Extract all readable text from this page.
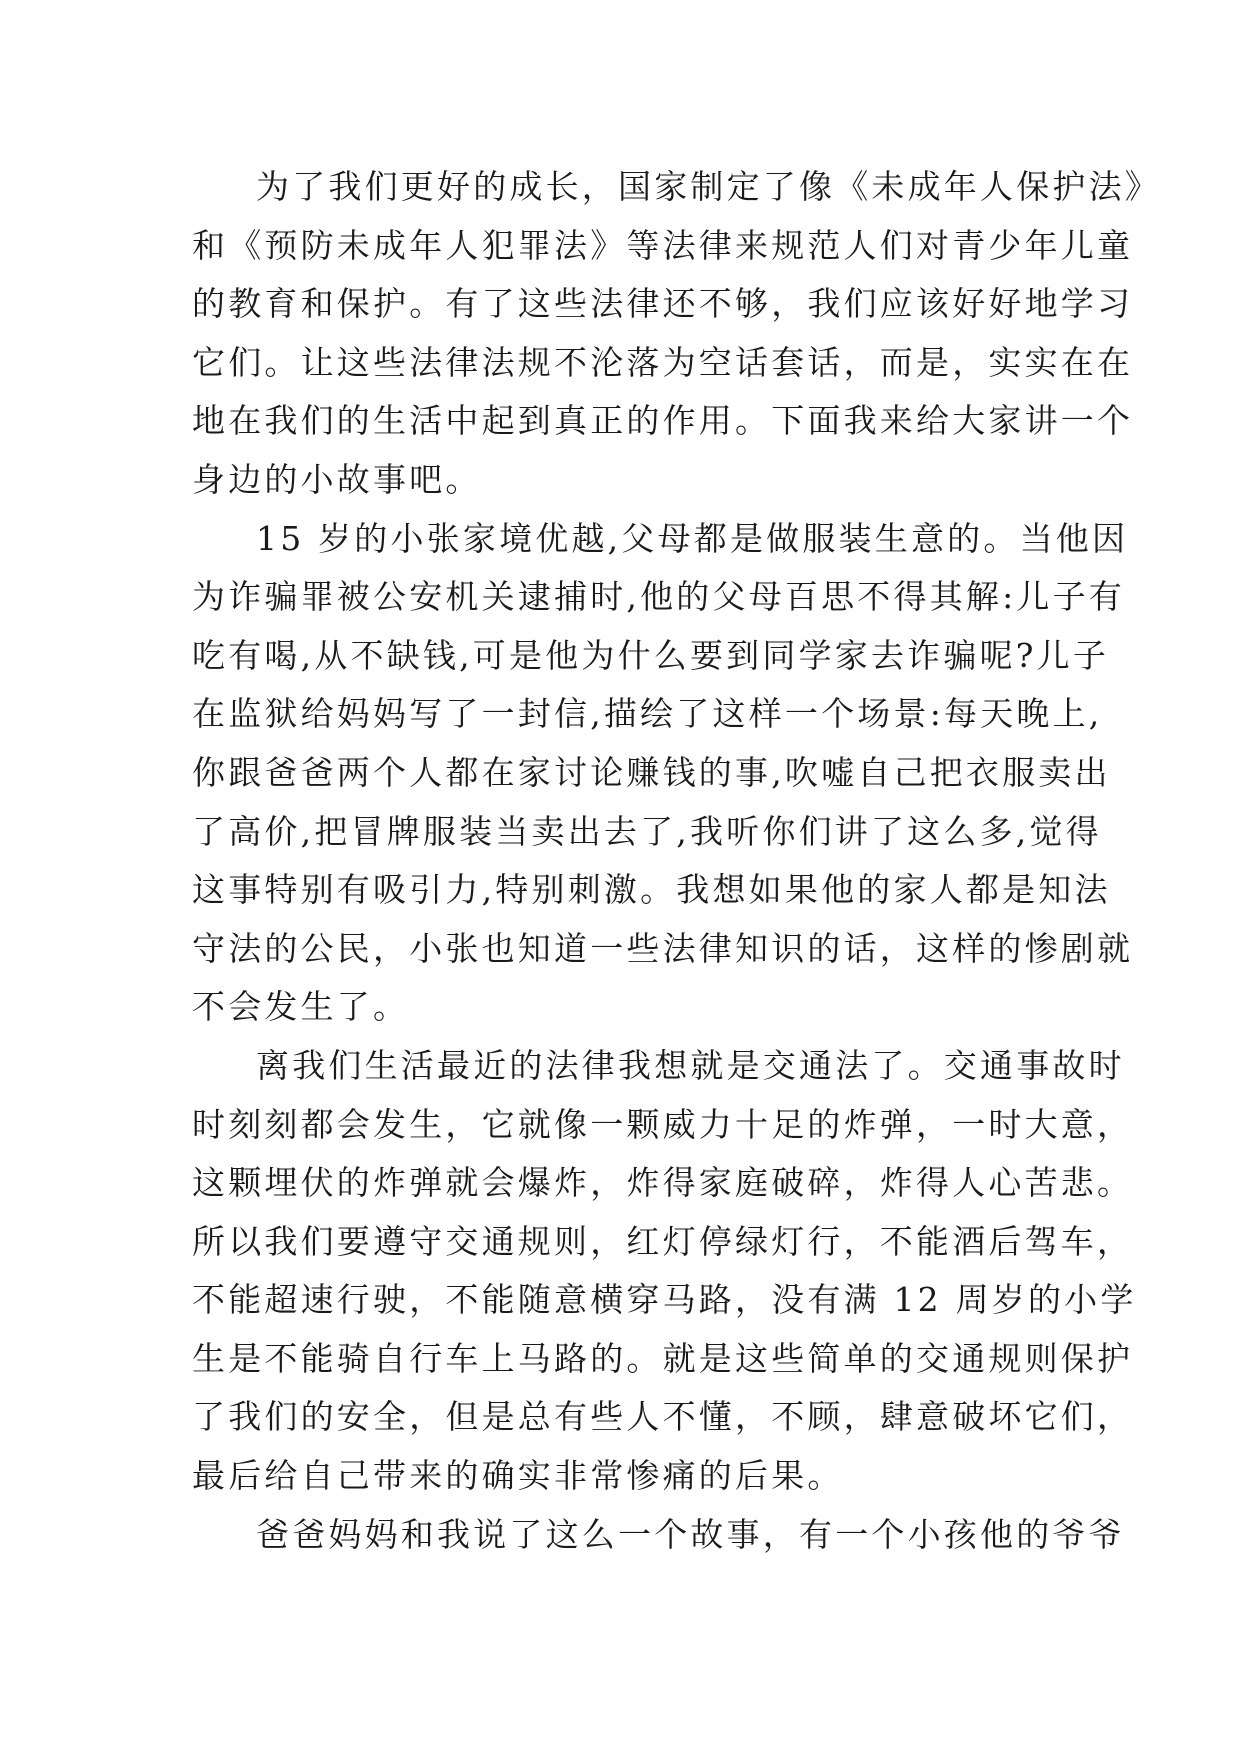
为了我们更好的成长，国家制定了像《未成年人保护法》
和《预防未成年人犯罪法》等法律来规范人们对青少年儿童
的教育和保护。有了这些法律还不够，我们应该好好地学习
它们。让这些法律法规不沦落为空话套话，而是，实实在在
地在我们的生活中起到真正的作用。下面我来给大家讲一个
身边的小故事吧。
15 岁的小张家境优越,父母都是做服装生意的。当他因
为诈骗罪被公安机关逮捕时,他的父母百思不得其解:儿子有
吃有喝,从不缺钱,可是他为什么要到同学家去诈骗呢?儿子
在监狱给妈妈写了一封信,描绘了这样一个场景:每天晚上,
你跟爸爸两个人都在家讨论赚钱的事,吹嘘自己把衣服卖出
了高价,把冒牌服装当卖出去了,我听你们讲了这么多,觉得
这事特别有吸引力,特别刺激。我想如果他的家人都是知法
守法的公民，小张也知道一些法律知识的话，这样的惨剧就
不会发生了。
离我们生活最近的法律我想就是交通法了。交通事故时
时刻刻都会发生，它就像一颗威力十足的炸弹，一时大意，
这颗埋伏的炸弹就会爆炸，炸得家庭破碎，炸得人心苦悲。
所以我们要遵守交通规则，红灯停绿灯行，不能酒后驾车，
不能超速行驶，不能随意横穿马路，没有满 12 周岁的小学
生是不能骑自行车上马路的。就是这些简单的交通规则保护
了我们的安全，但是总有些人不懂，不顾，肆意破坏它们，
最后给自己带来的确实非常惨痛的后果。
爸爸妈妈和我说了这么一个故事，有一个小孩他的爷爷
